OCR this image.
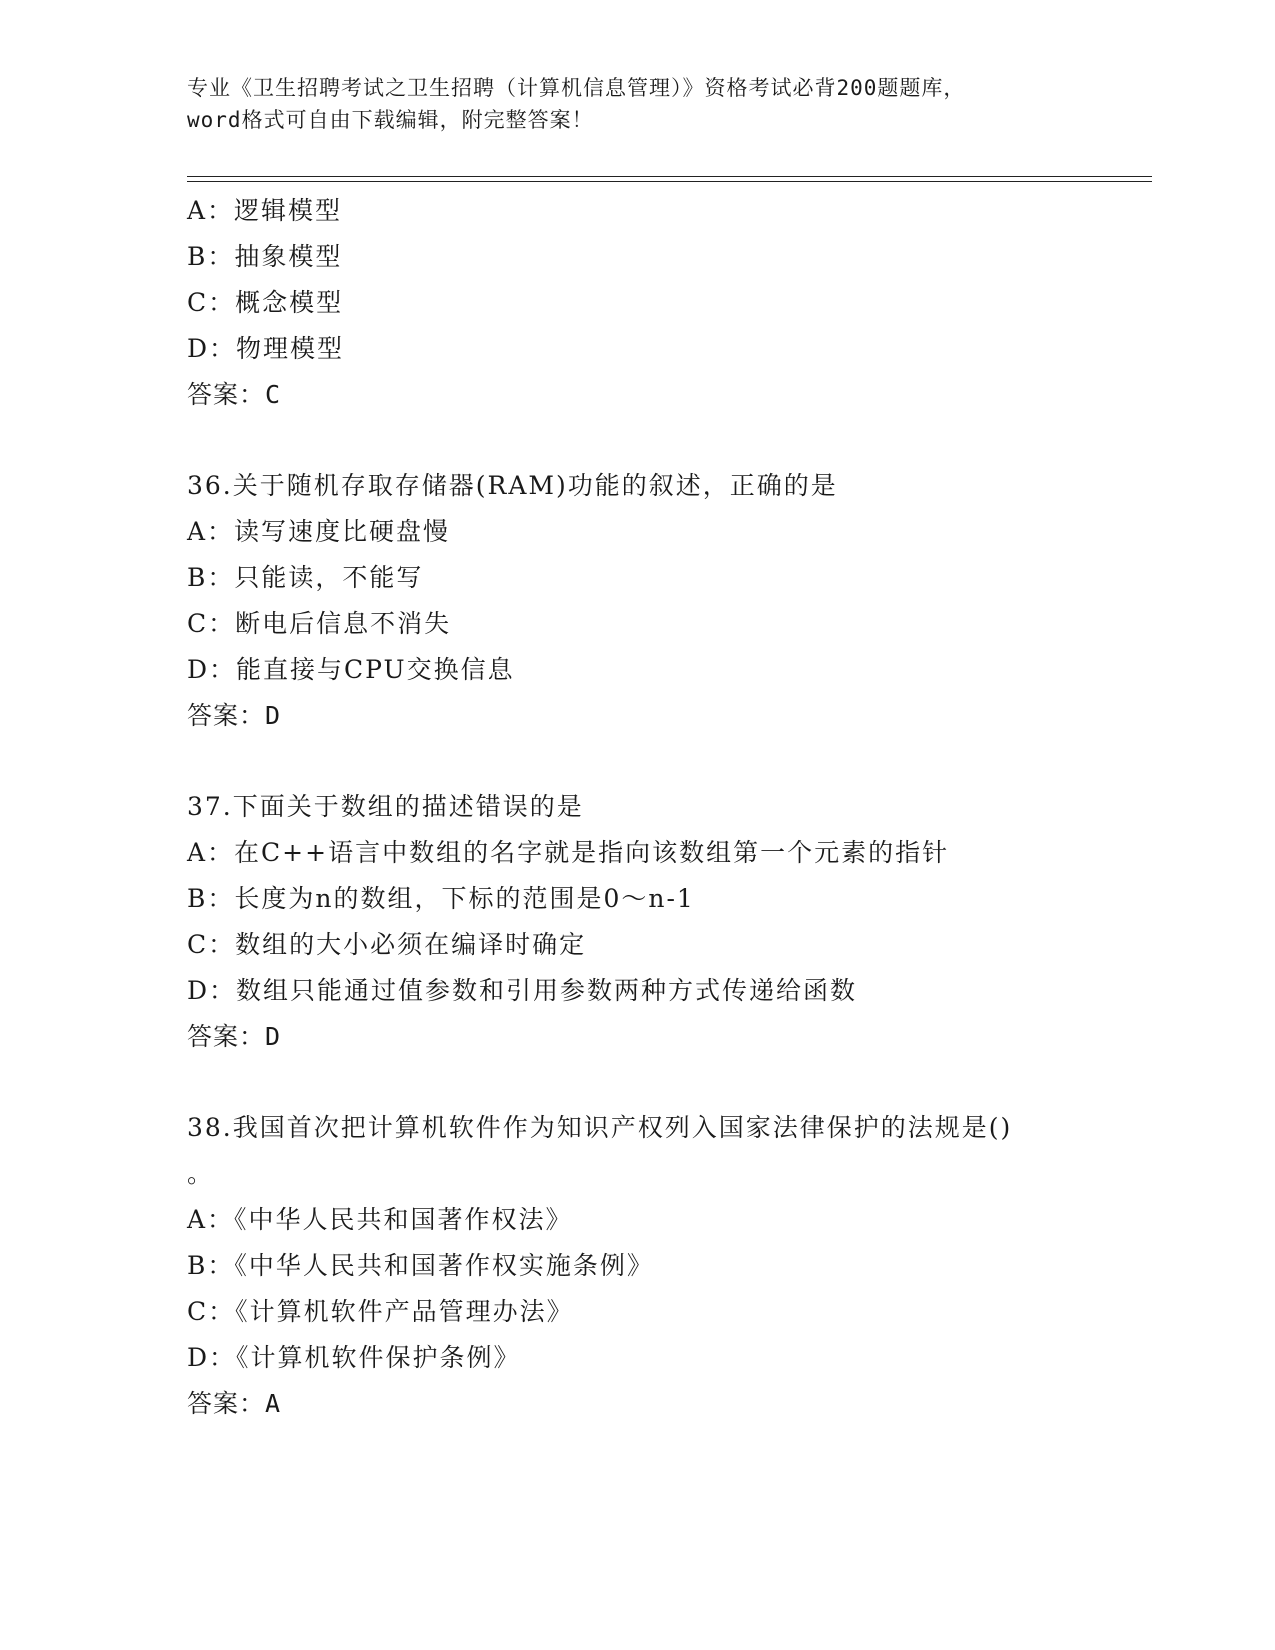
专业《卫生招聘考试之卫生招聘（计算机信息管理）》资格考试必背200题题库，
word格式可自由下载编辑，附完整答案！
A：逻辑模型
B：抽象模型
C：概念模型
D：物理模型
答案：C
36.关于随机存取存储器(RAM)功能的叙述，正确的是
A：读写速度比硬盘慢
B：只能读，不能写
C：断电后信息不消失
D：能直接与CPU交换信息
答案：D
37.下面关于数组的描述错误的是
A：在C++语言中数组的名字就是指向该数组第一个元素的指针
B：长度为n的数组，下标的范围是0～n-1
C：数组的大小必须在编译时确定
D：数组只能通过值参数和引用参数两种方式传递给函数
答案：D
38.我国首次把计算机软件作为知识产权列入国家法律保护的法规是()
。
A：《中华人民共和国著作权法》
B：《中华人民共和国著作权实施条例》
C：《计算机软件产品管理办法》
D：《计算机软件保护条例》
答案：A
